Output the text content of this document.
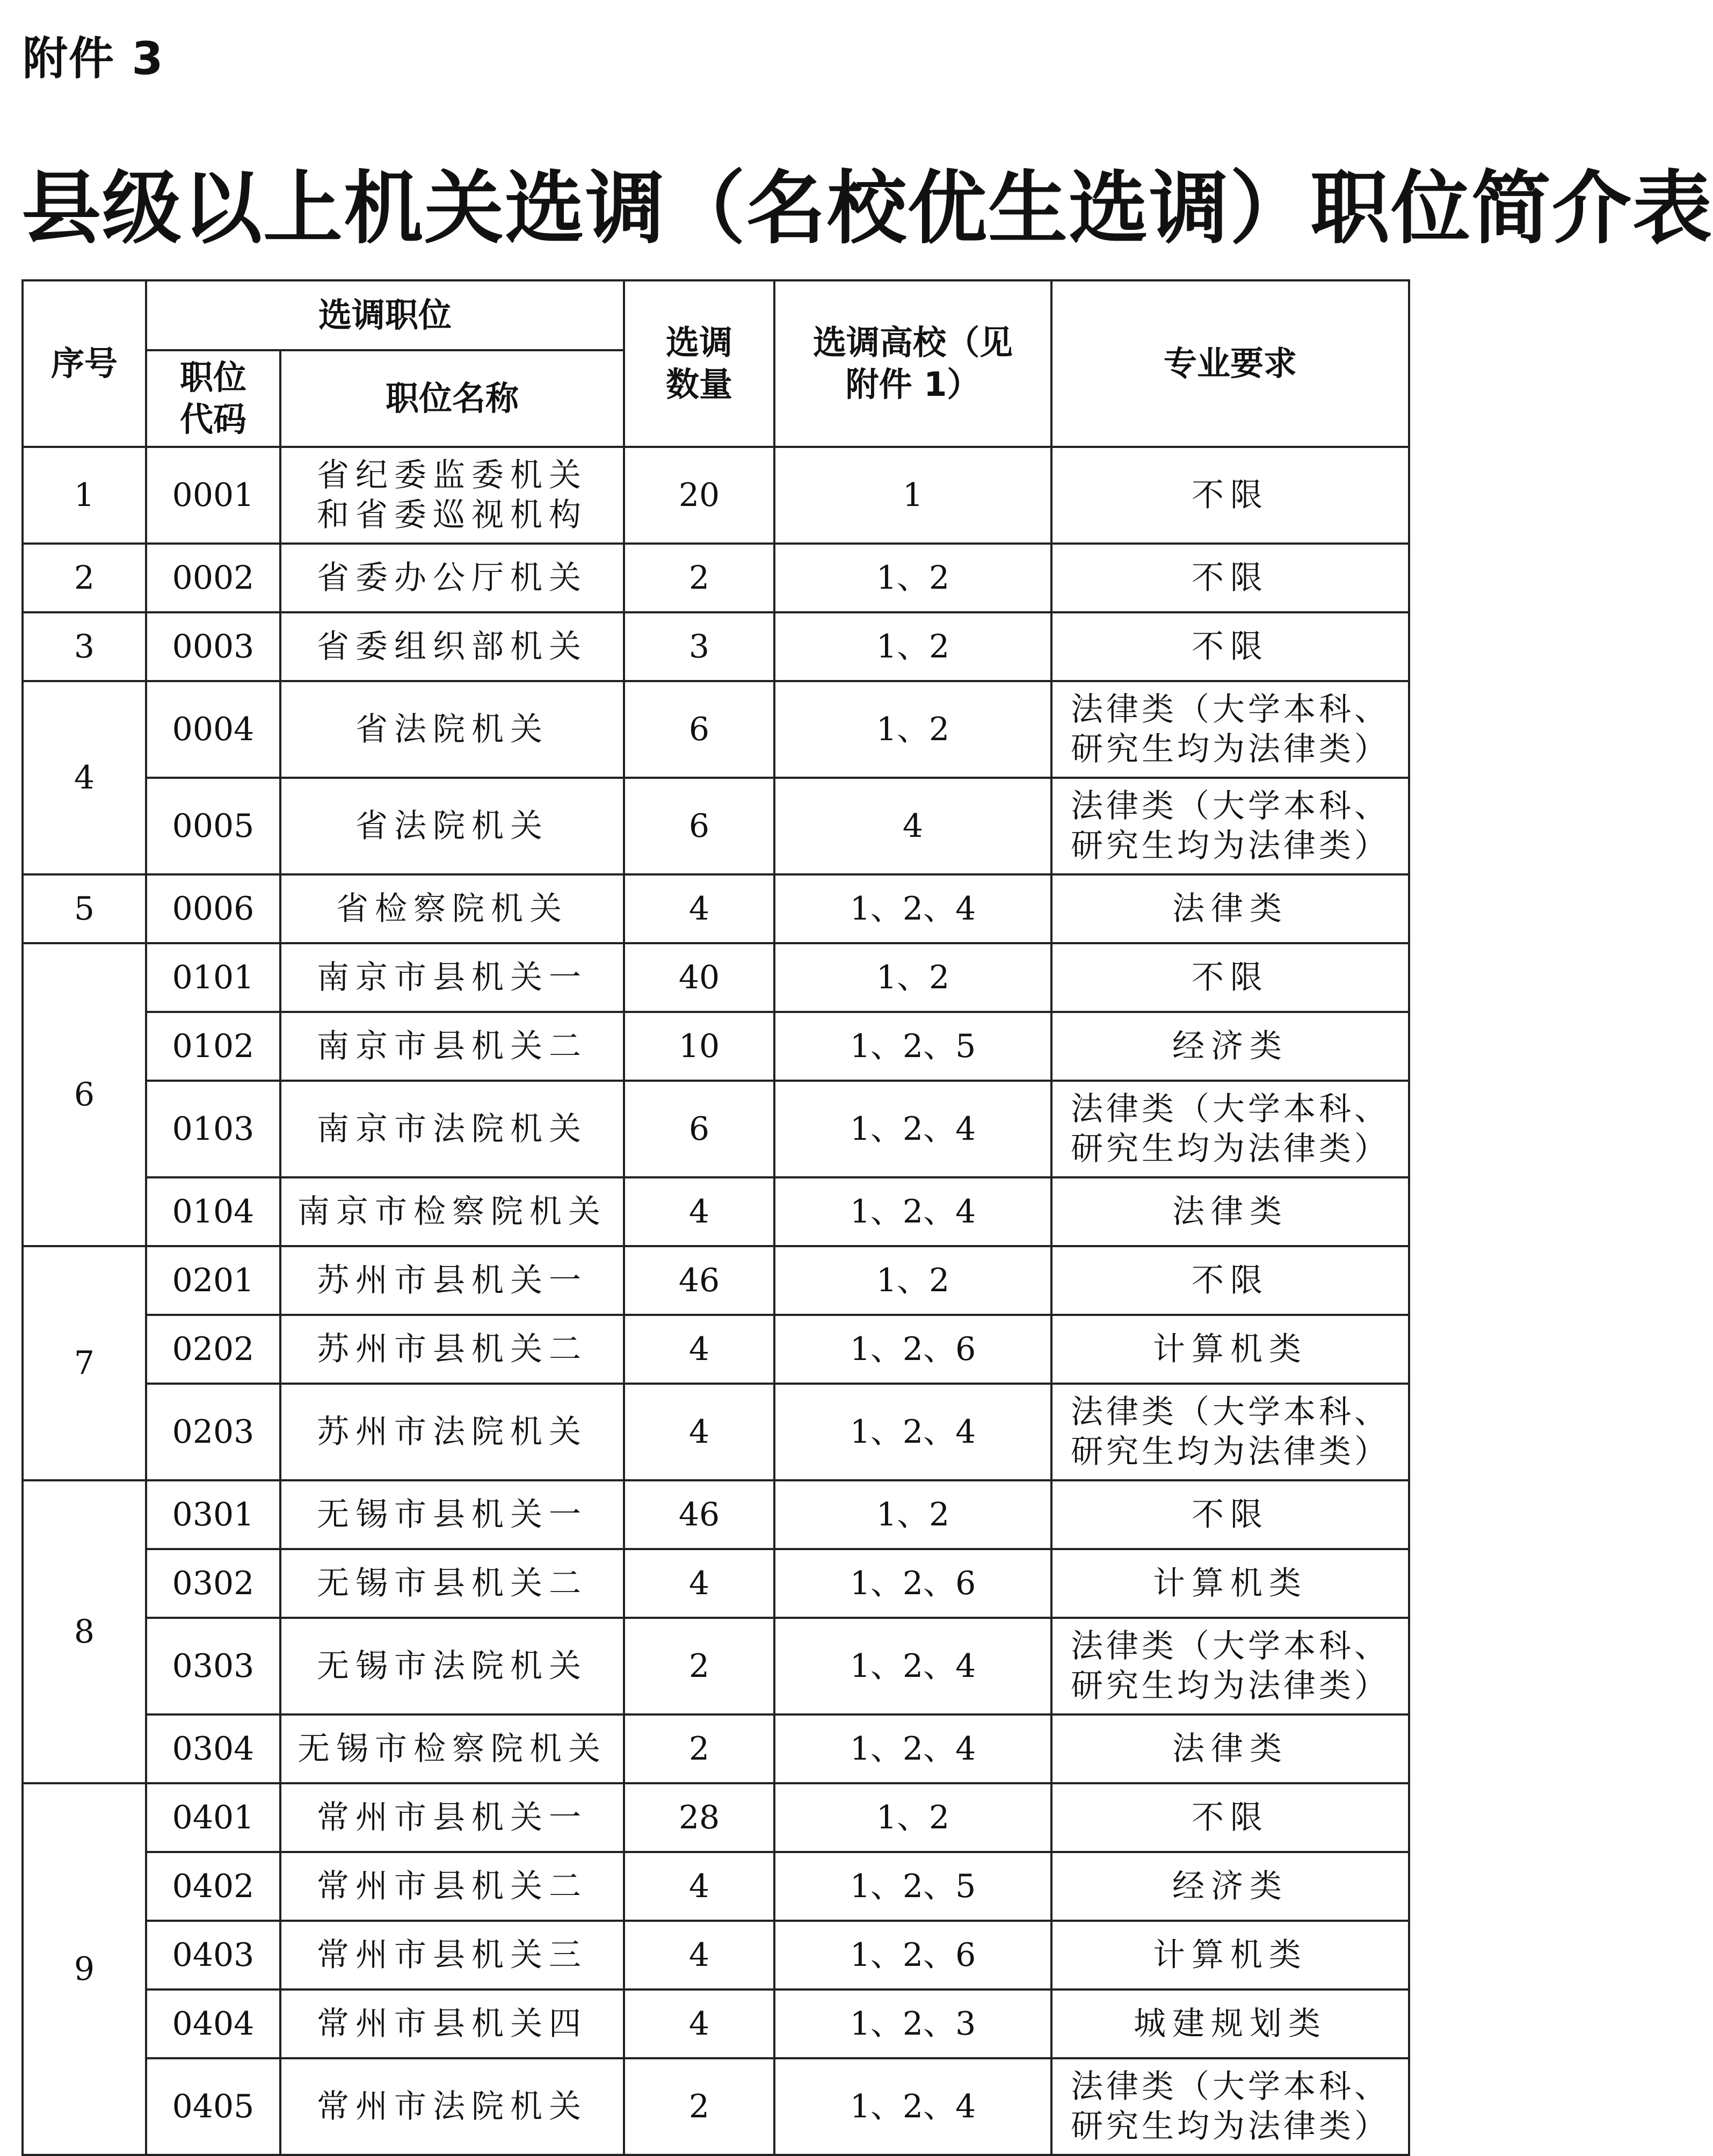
附件 3
县级以上机关选调（名校优生选调）职位简介表
序号	选调职位		选调数量	选调高校（见附件 1）	专业要求
	职位代码	职位名称			
1	0001	省纪委监委机关和省委巡视机构	20	1	不限
2	0002	省委办公厅机关	2	1、2	不限
3	0003	省委组织部机关	3	1、2	不限
4	0004	省法院机关	6	1、2	法律类（大学本科、研究生均为法律类）
	0005	省法院机关	6	4	法律类（大学本科、研究生均为法律类）
5	0006	省检察院机关	4	1、2、4	法律类
6	0101	南京市县机关一	40	1、2	不限
	0102	南京市县机关二	10	1、2、5	经济类
	0103	南京市法院机关	6	1、2、4	法律类（大学本科、研究生均为法律类）
	0104	南京市检察院机关	4	1、2、4	法律类
7	0201	苏州市县机关一	46	1、2	不限
	0202	苏州市县机关二	4	1、2、6	计算机类
	0203	苏州市法院机关	4	1、2、4	法律类（大学本科、研究生均为法律类）
8	0301	无锡市县机关一	46	1、2	不限
	0302	无锡市县机关二	4	1、2、6	计算机类
	0303	无锡市法院机关	2	1、2、4	法律类（大学本科、研究生均为法律类）
	0304	无锡市检察院机关	2	1、2、4	法律类
9	0401	常州市县机关一	28	1、2	不限
	0402	常州市县机关二	4	1、2、5	经济类
	0403	常州市县机关三	4	1、2、6	计算机类
	0404	常州市县机关四	4	1、2、3	城建规划类
	0405	常州市法院机关	2	1、2、4	法律类（大学本科、研究生均为法律类）
